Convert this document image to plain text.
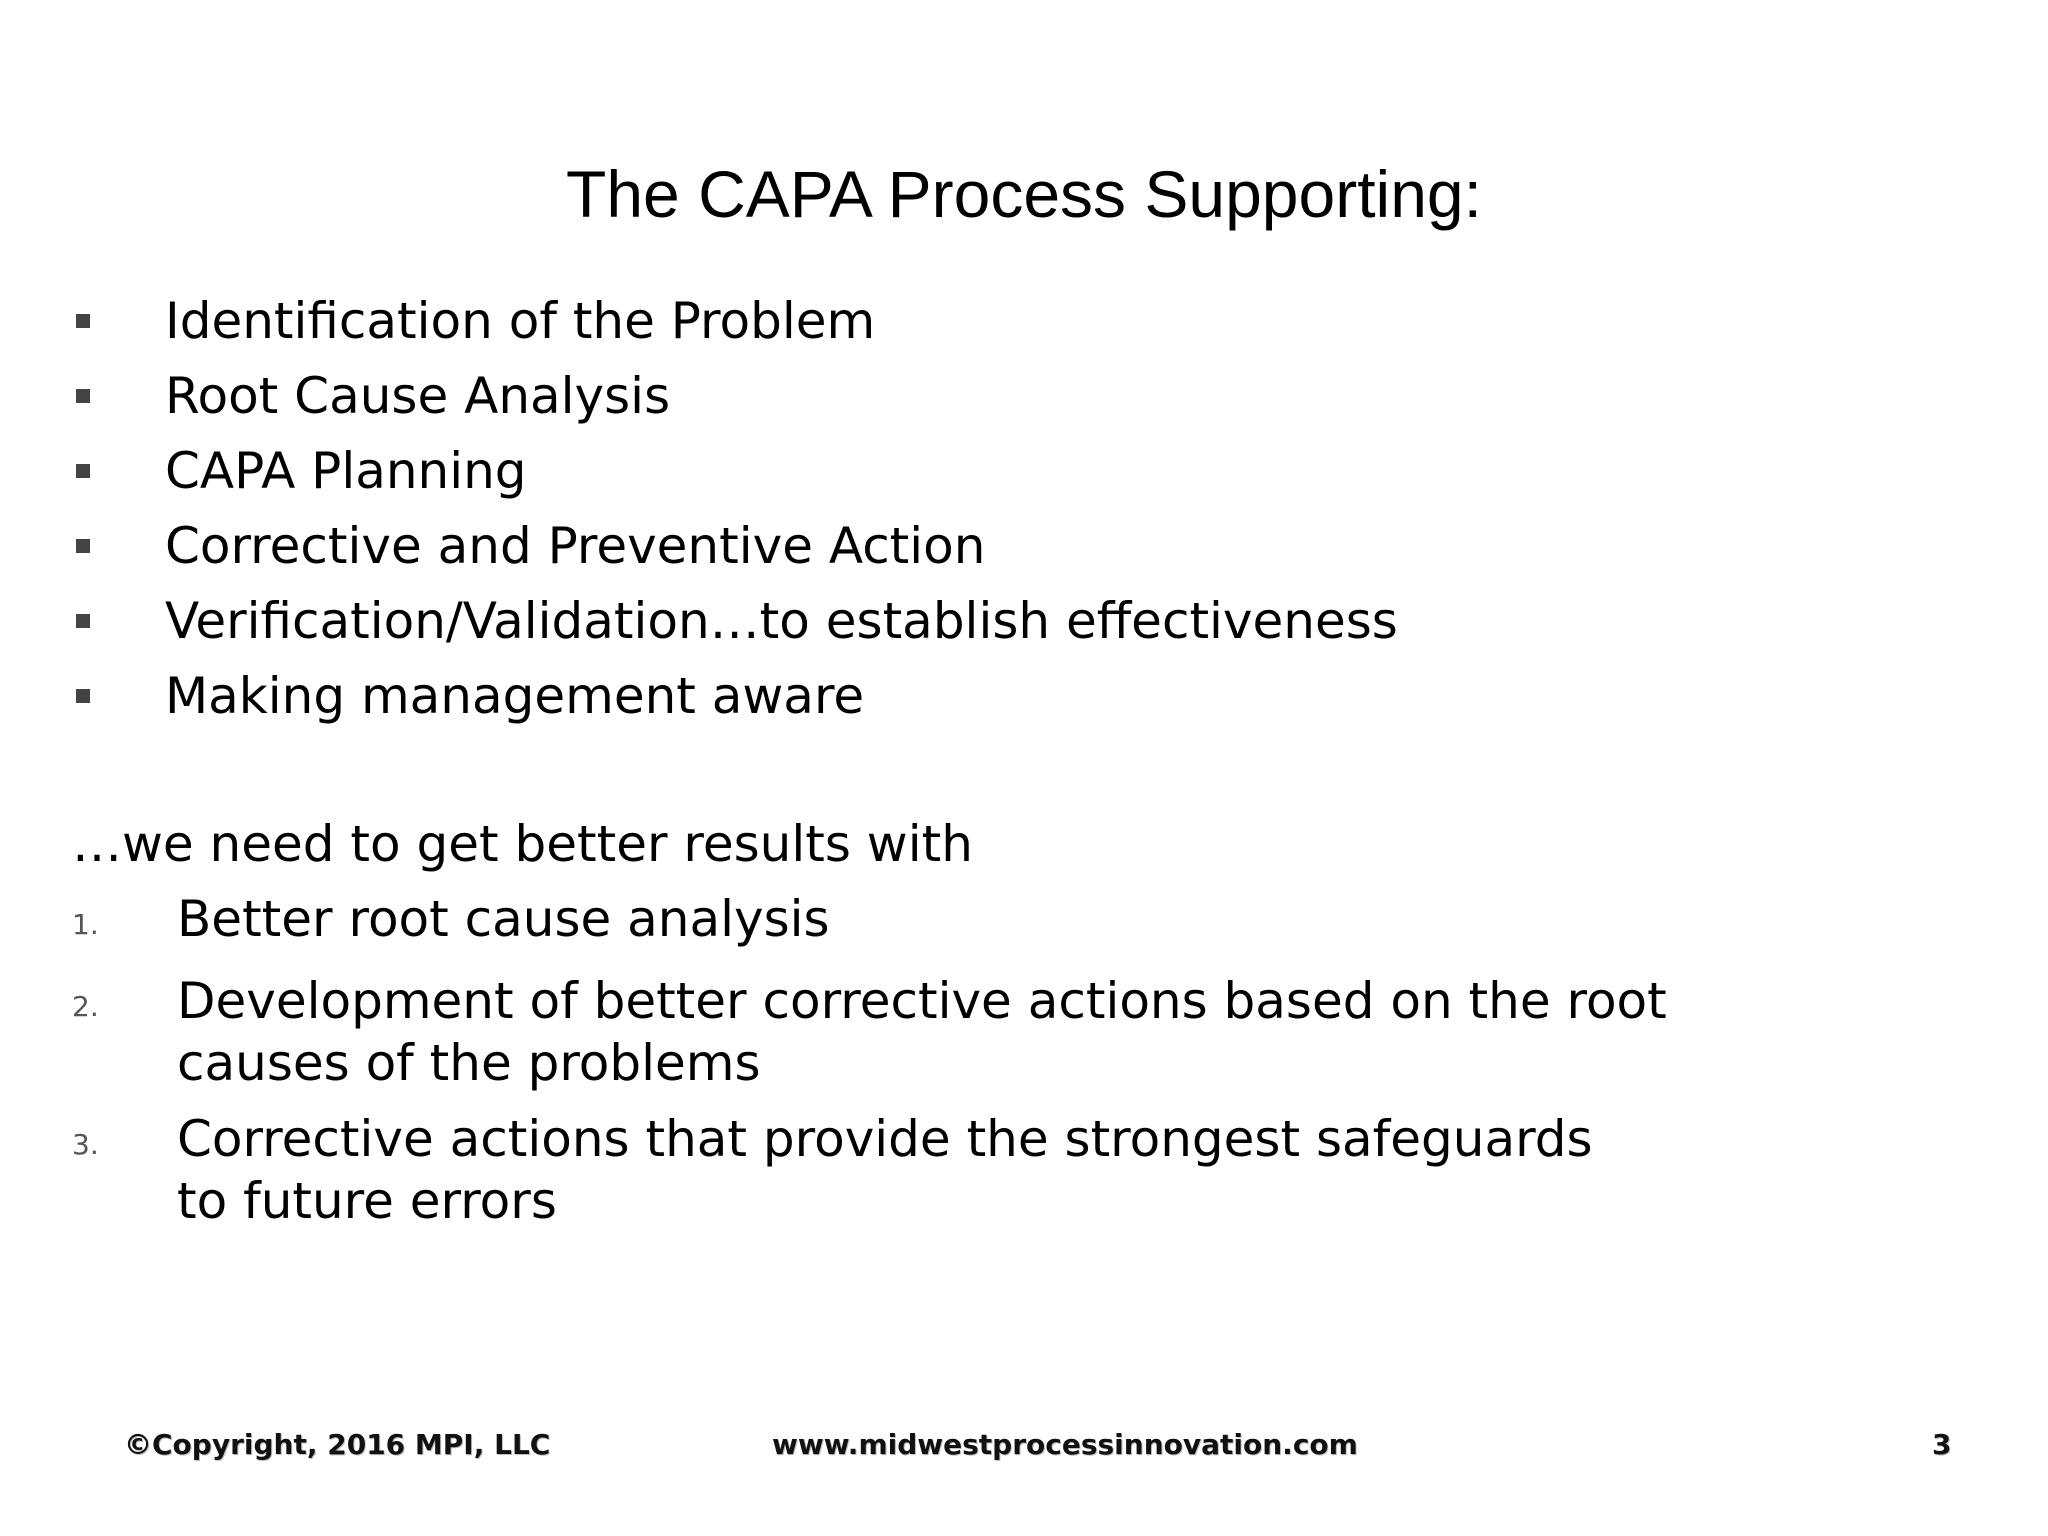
The CAPA Process Supporting:
Identification of the Problem
Root Cause Analysis
CAPA Planning
Corrective and Preventive Action
Verification/Validation…to establish effectiveness
Making management aware
…we need to get better results with
1.	Better root cause analysis
2.	Development of better corrective actions based on the root
causes of the problems
3.	Corrective actions that provide the strongest safeguards
to future errors
©Copyright, 2016 MPI, LLC	www.midwestprocessinnovation.com	3
